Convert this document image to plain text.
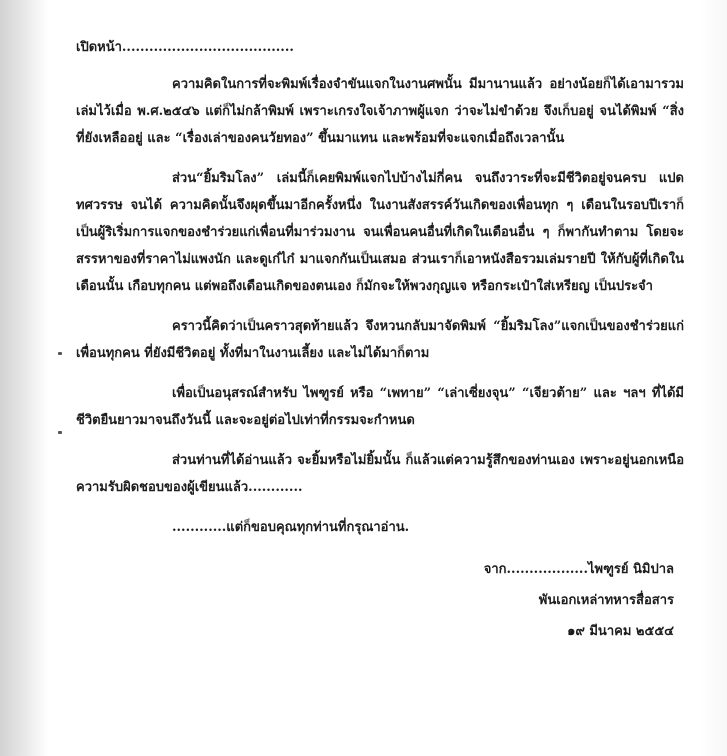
เปิดหน้า......................................

ความคิดในการที่จะพิมพ์เรื่องจำขันแจกในงานศพนั้น มีมานานแล้ว อย่างน้อยก็ได้เอามารวมเล่มไว้เมื่อ พ.ศ.๒๕๔๖ แต่ก็ไม่กล้าพิมพ์ เพราะเกรงใจเจ้าภาพผู้แจก ว่าจะไม่ขำด้วย จึงเก็บอยู่ จนได้พิมพ์ “สิ่งที่ยังเหลืออยู่ และ “เรื่องเล่าของคนวัยทอง” ขึ้นมาแทน และพร้อมที่จะแจกเมื่อถึงเวลานั้น

ส่วน“ยิ้มริมโลง” เล่มนี้ก็เคยพิมพ์แจกไปบ้างไม่กี่คน จนถึงวาระที่จะมีชีวิตอยู่จนครบ แปดทศวรรษ จนได้ ความคิดนั้นจึงผุดขึ้นมาอีกครั้งหนึ่ง ในงานสังสรรค์วันเกิดของเพื่อนทุก ๆ เดือนในรอบปีเราก็เป็นผู้ริเริ่มการแจกของชำร่วยแก่เพื่อนที่มาร่วมงาน จนเพื่อนคนอื่นที่เกิดในเดือนอื่น ๆ ก็พากันทำตาม โดยจะสรรหาของที่ราคาไม่แพงนัก และดูเก๋ไก๋ มาแจกกันเป็นเสมอ ส่วนเราก็เอาหนังสือรวมเล่มรายปี ให้กับผู้ที่เกิดในเดือนนั้น เกือบทุกคน แต่พอถึงเดือนเกิดของตนเอง ก็มักจะให้พวงกุญแจ หรือกระเป๋าใส่เหรียญ เป็นประจำ

คราวนี้คิดว่าเป็นคราวสุดท้ายแล้ว จึงหวนกลับมาจัดพิมพ์ “ยิ้มริมโลง”แจกเป็นของชำร่วยแก่เพื่อนทุกคน ที่ยังมีชีวิตอยู่ ทั้งที่มาในงานเลี้ยง และไม่ได้มาก็ตาม

เพื่อเป็นอนุสรณ์สำหรับ ไพฑูรย์ หรือ “เพทาย” “เล่าเซี่ยงจุน” “เจียวต้าย” และ ฯลฯ ที่ได้มีชีวิตยืนยาวมาจนถึงวันนี้ และจะอยู่ต่อไปเท่าที่กรรมจะกำหนด

ส่วนท่านที่ได้อ่านแล้ว จะยิ้มหรือไม่ยิ้มนั้น ก็แล้วแต่ความรู้สึกของท่านเอง เพราะอยู่นอกเหนือความรับผิดชอบของผู้เขียนแล้ว............

............แต่ก็ขอบคุณทุกท่านที่กรุณาอ่าน.

จาก..................ไพฑูรย์ นิมิปาล
พันเอกเหล่าทหารสื่อสาร
๑๙ มีนาคม ๒๕๕๔
